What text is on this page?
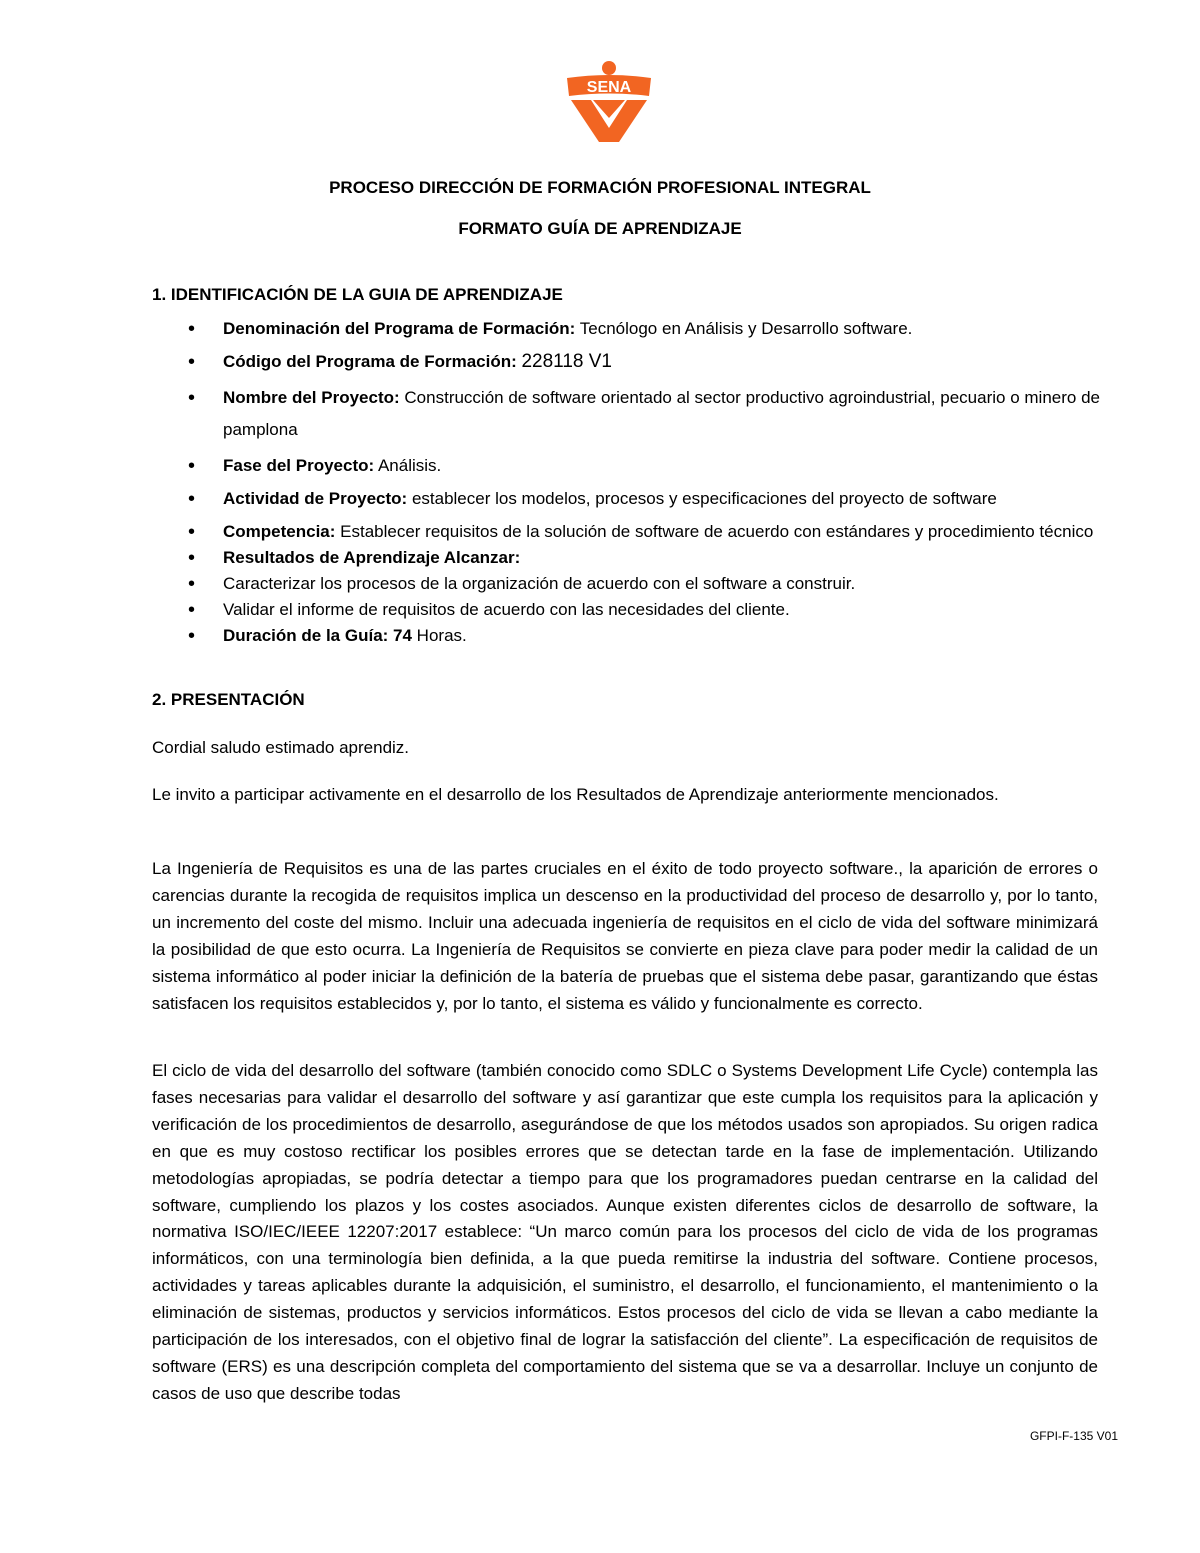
SENA
PROCESO DIRECCIÓN DE FORMACIÓN PROFESIONAL INTEGRAL
FORMATO GUÍA DE APRENDIZAJE
1. IDENTIFICACIÓN DE LA GUIA DE APRENDIZAJE
• Denominación del Programa de Formación: Tecnólogo en Análisis y Desarrollo software.
• Código del Programa de Formación: 228118 V1
• Nombre del Proyecto: Construcción de software orientado al sector productivo agroindustrial, pecuario o minero de pamplona
• Fase del Proyecto: Análisis.
• Actividad de Proyecto: establecer los modelos, procesos y especificaciones del proyecto de software
• Competencia: Establecer requisitos de la solución de software de acuerdo con estándares y procedimiento técnico
• Resultados de Aprendizaje Alcanzar:
• Caracterizar los procesos de la organización de acuerdo con el software a construir.
• Validar el informe de requisitos de acuerdo con las necesidades del cliente.
• Duración de la Guía: 74 Horas.
2. PRESENTACIÓN

Cordial saludo estimado aprendiz.

Le invito a participar activamente en el desarrollo de los Resultados de Aprendizaje anteriormente mencionados.

La Ingeniería de Requisitos es una de las partes cruciales en el éxito de todo proyecto software., la aparición de errores o carencias durante la recogida de requisitos implica un descenso en la productividad del proceso de desarrollo y, por lo tanto, un incremento del coste del mismo. Incluir una adecuada ingeniería de requisitos en el ciclo de vida del software minimizará la posibilidad de que esto ocurra. La Ingeniería de Requisitos se convierte en pieza clave para poder medir la calidad de un sistema informático al poder iniciar la definición de la batería de pruebas que el sistema debe pasar, garantizando que éstas satisfacen los requisitos establecidos y, por lo tanto, el sistema es válido y funcionalmente es correcto.

El ciclo de vida del desarrollo del software (también conocido como SDLC o Systems Development Life Cycle) contempla las fases necesarias para validar el desarrollo del software y así garantizar que este cumpla los requisitos para la aplicación y verificación de los procedimientos de desarrollo, asegurándose de que los métodos usados son apropiados. Su origen radica en que es muy costoso rectificar los posibles errores que se detectan tarde en la fase de implementación. Utilizando metodologías apropiadas, se podría detectar a tiempo para que los programadores puedan centrarse en la calidad del software, cumpliendo los plazos y los costes asociados. Aunque existen diferentes ciclos de desarrollo de software, la normativa ISO/IEC/IEEE 12207:2017 establece: “Un marco común para los procesos del ciclo de vida de los programas informáticos, con una terminología bien definida, a la que pueda remitirse la industria del software. Contiene procesos, actividades y tareas aplicables durante la adquisición, el suministro, el desarrollo, el funcionamiento, el mantenimiento o la eliminación de sistemas, productos y servicios informáticos. Estos procesos del ciclo de vida se llevan a cabo mediante la participación de los interesados, con el objetivo final de lograr la satisfacción del cliente”. La especificación de requisitos de software (ERS) es una descripción completa del comportamiento del sistema que se va a desarrollar. Incluye un conjunto de casos de uso que describe todas

GFPI-F-135 V01
